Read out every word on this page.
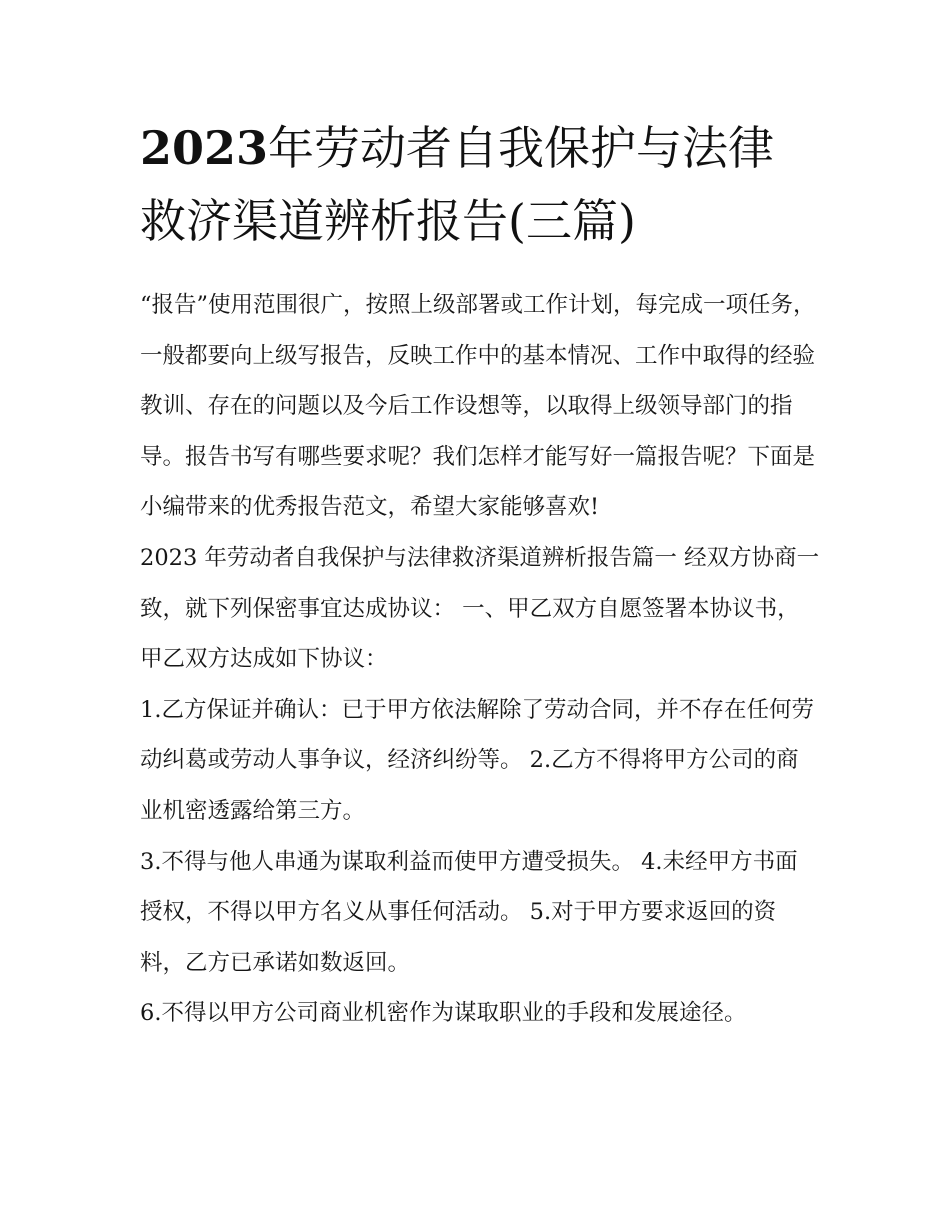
2023年劳动者自我保护与法律救济渠道辨析报告(三篇)

“报告”使用范围很广，按照上级部署或工作计划，每完成一项任务，一般都要向上级写报告，反映工作中的基本情况、工作中取得的经验教训、存在的问题以及今后工作设想等，以取得上级领导部门的指导。报告书写有哪些要求呢？我们怎样才能写好一篇报告呢？下面是小编带来的优秀报告范文，希望大家能够喜欢!

2023 年劳动者自我保护与法律救济渠道辨析报告篇一 经双方协商一致，就下列保密事宜达成协议： 一、甲乙双方自愿签署本协议书，甲乙双方达成如下协议：

1.乙方保证并确认：已于甲方依法解除了劳动合同，并不存在任何劳动纠葛或劳动人事争议，经济纠纷等。 2.乙方不得将甲方公司的商业机密透露给第三方。

3.不得与他人串通为谋取利益而使甲方遭受损失。 4.未经甲方书面授权，不得以甲方名义从事任何活动。 5.对于甲方要求返回的资料，乙方已承诺如数返回。

6.不得以甲方公司商业机密作为谋取职业的手段和发展途径。
